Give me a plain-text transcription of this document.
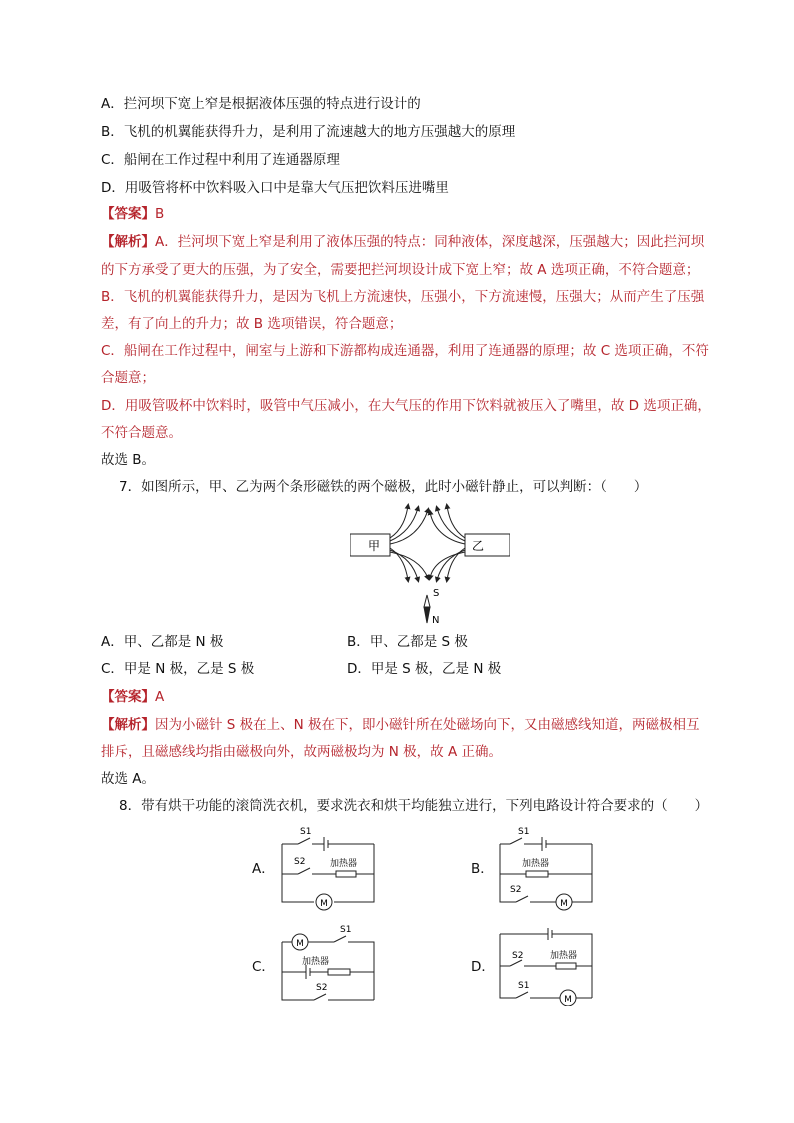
A．拦河坝下宽上窄是根据液体压强的特点进行设计的
B．飞机的机翼能获得升力，是利用了流速越大的地方压强越大的原理
C．船闸在工作过程中利用了连通器原理
D．用吸管将杯中饮料吸入口中是靠大气压把饮料压进嘴里
【答案】B
【解析】A．拦河坝下宽上窄是利用了液体压强的特点：同种液体，深度越深，压强越大；因此拦河坝
的下方承受了更大的压强，为了安全，需要把拦河坝设计成下宽上窄；故 A 选项正确，不符合题意；
B．飞机的机翼能获得升力，是因为飞机上方流速快，压强小，下方流速慢，压强大；从而产生了压强
差，有了向上的升力；故 B 选项错误，符合题意；
C．船闸在工作过程中，闸室与上游和下游都构成连通器，利用了连通器的原理；故 C 选项正确，不符
合题意；
D．用吸管吸杯中饮料时，吸管中气压减小，在大气压的作用下饮料就被压入了嘴里，故 D 选项正确，
不符合题意。
故选 B。
7．如图所示，甲、乙为两个条形磁铁的两个磁极，此时小磁针静止，可以判断：（　　）
甲	乙
S
N
A．甲、乙都是 N 极	B．甲、乙都是 S 极
C．甲是 N 极，乙是 S 极	D．甲是 S 极，乙是 N 极
【答案】A
【解析】因为小磁针 S 极在上、N 极在下，即小磁针所在处磁场向下，又由磁感线知道，两磁极相互
排斥，且磁感线均指由磁极向外，故两磁极均为 N 极，故 A 正确。
故选 A。
8．带有烘干功能的滚筒洗衣机，要求洗衣和烘干均能独立进行，下列电路设计符合要求的（　　）
A．
M
S1
S2	加热器	B．
M
S1
S2
加热器
C．
M
S1
S2
加热器	D．
M
S1
S2	加热器
